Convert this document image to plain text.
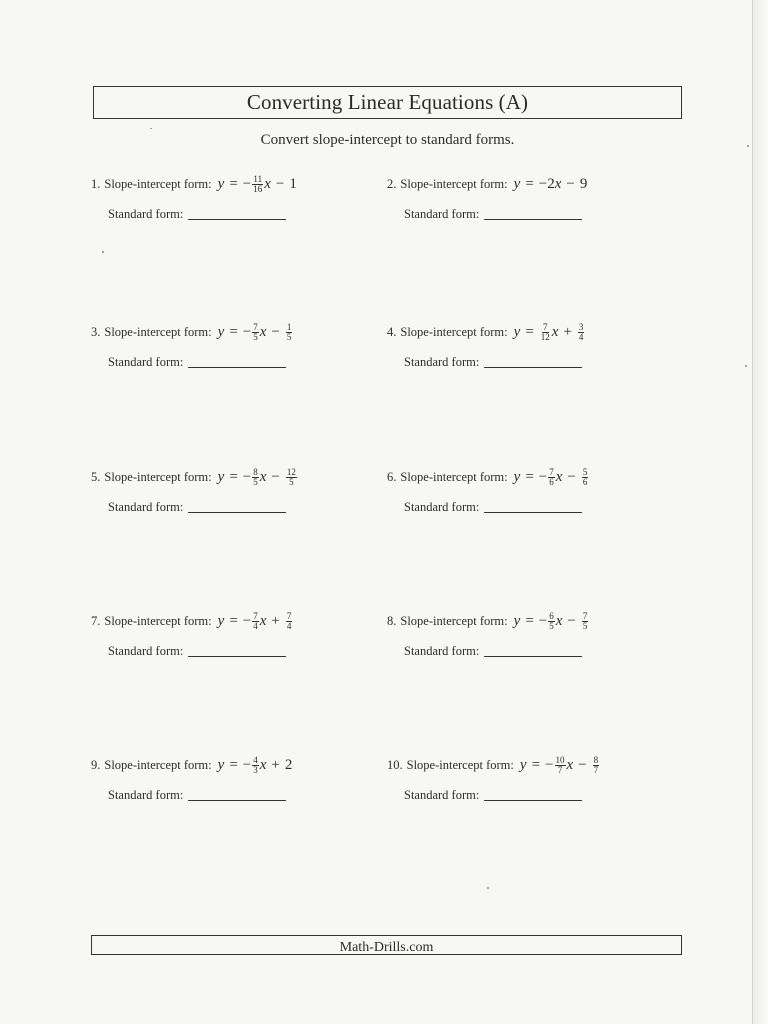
Converting Linear Equations (A)
Convert slope-intercept to standard forms.
1. Slope-intercept form: y = − $\frac{11}{16}$ x − 1
Standard form:
2. Slope-intercept form: y = − 2 x − 9
Standard form:
3. Slope-intercept form: y = − $\frac{7}{5}$ $x - \frac{1}{5}$
Standard form:
4. Slope-intercept form: $y = \frac{7}{12}$ $x + \frac{3}{4}$
Standard form:
5. Slope-intercept form: y = − $\frac{8}{5}$ $x - \frac{12}{5}$
Standard form:
6. Slope-intercept form: y = − $\frac{7}{6}$ $x - \frac{5}{6}$
Standard form:
7. Slope-intercept form: y = − $\frac{7}{4}$ $x + \frac{7}{4}$
Standard form:
8. Slope-intercept form: y = − $\frac{6}{5}$ $x - \frac{7}{5}$
Standard form:
9. Slope-intercept form: y = − $\frac{4}{3}$ x + 2
Standard form:
10. Slope-intercept form: y = − $\frac{10}{7}$ $x - \frac{8}{7}$
Standard form:
Math-Drills.com
